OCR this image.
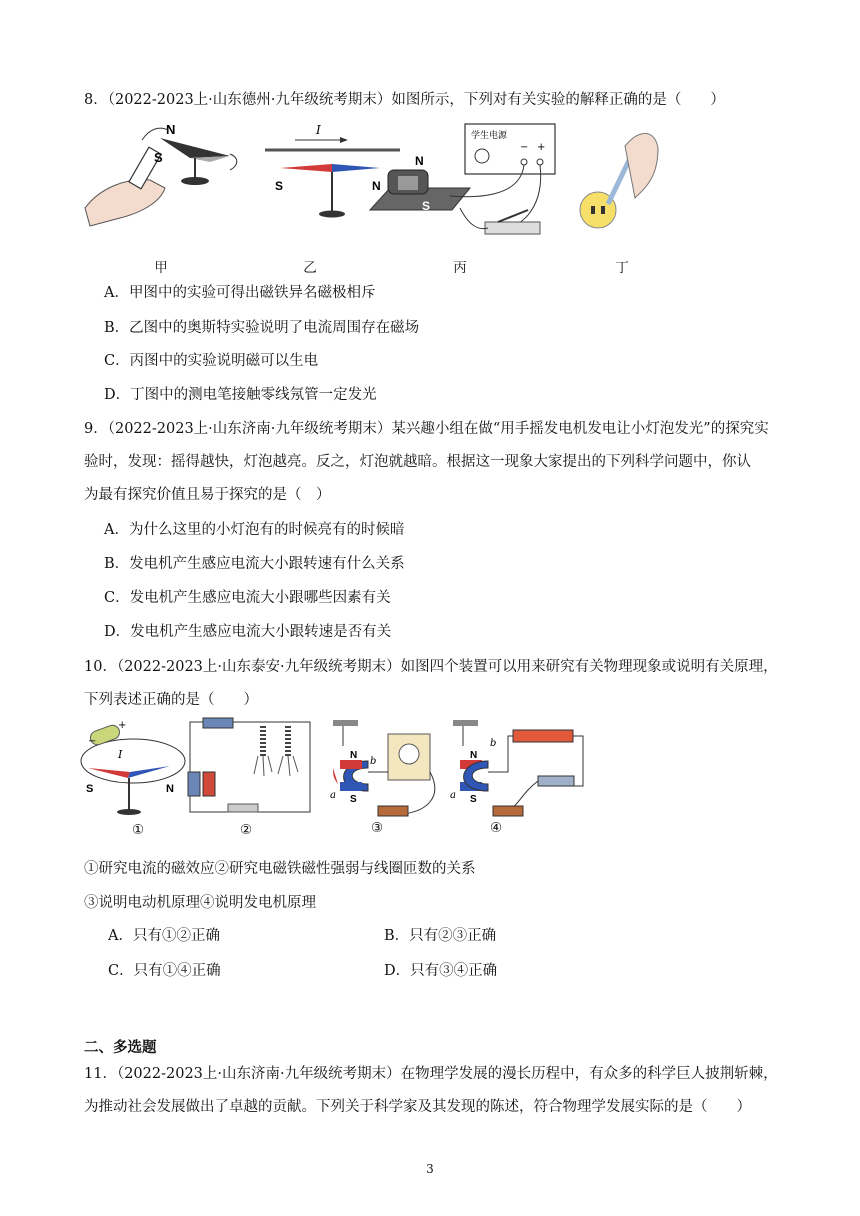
8．（2022-2023上·山东德州·九年级统考期末）如图所示，下列对有关实验的解释正确的是（　　）

S
N	I
S	N
N
S
学生电源
− +
甲	乙	丙	丁
A．甲图中的实验可得出磁铁异名磁极相斥
B．乙图中的奥斯特实验说明了电流周围存在磁场
C．丙图中的实验说明磁可以生电
D．丁图中的测电笔接触零线氖管一定发光

9．（2022-2023上·山东济南·九年级统考期末）某兴趣小组在做“用手摇发电机发电让小灯泡发光”的探究实

验时，发现：摇得越快，灯泡越亮。反之，灯泡就越暗。根据这一现象大家提出的下列科学问题中，你认

为最有探究价值且易于探究的是（　）

A．为什么这里的小灯泡有的时候亮有的时候暗
B．发电机产生感应电流大小跟转速有什么关系
C．发电机产生感应电流大小跟哪些因素有关
D．发电机产生感应电流大小跟转速是否有关

10．（2022-2023上·山东泰安·九年级统考期末）如图四个装置可以用来研究有关物理现象或说明有关原理，

下列表述正确的是（　　）

+
−
I
S	N
N
S
a
b
N
S
a
b
①	②	③	④
①研究电流的磁效应②研究电磁铁磁性强弱与线圈匝数的关系
③说明电动机原理④说明发电机原理
A．只有①②正确	B．只有②③正确
C．只有①④正确	D．只有③④正确
二、多选题

11．（2022-2023上·山东济南·九年级统考期末）在物理学发展的漫长历程中，有众多的科学巨人披荆斩棘，

为推动社会发展做出了卓越的贡献。下列关于科学家及其发现的陈述，符合物理学发展实际的是（　　）

3
